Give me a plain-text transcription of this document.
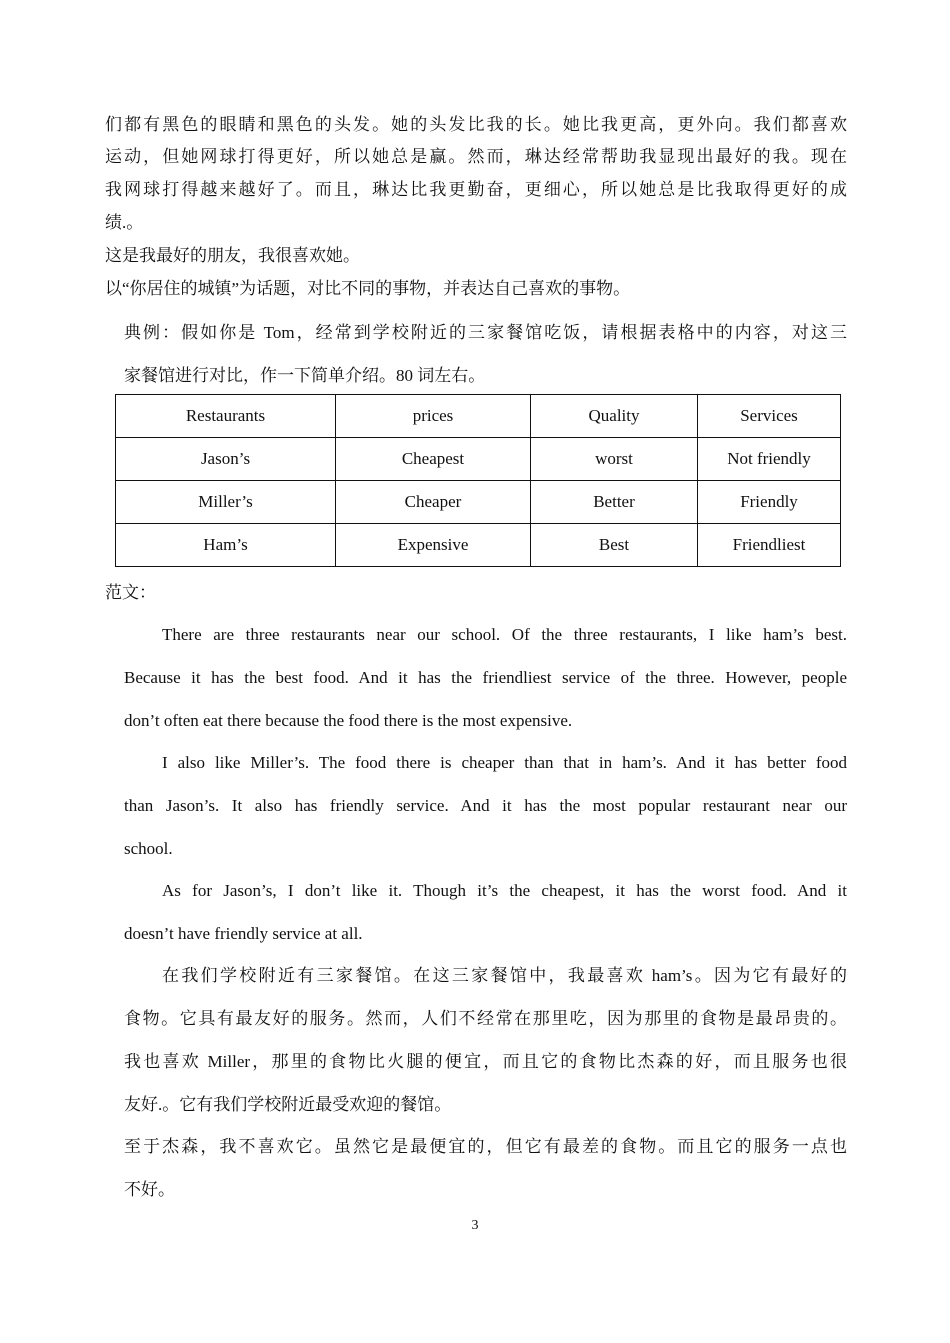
们都有黑色的眼睛和黑色的头发。她的头发比我的长。她比我更高，更外向。我们都喜欢
运动，但她网球打得更好，所以她总是赢。然而，琳达经常帮助我显现出最好的我。现在
我网球打得越来越好了。而且，琳达比我更勤奋，更细心，所以她总是比我取得更好的成
绩.。
这是我最好的朋友，我很喜欢她。
以“你居住的城镇”为话题，对比不同的事物，并表达自己喜欢的事物。
典例：假如你是 Tom，经常到学校附近的三家餐馆吃饭，请根据表格中的内容，对这三
家餐馆进行对比，作一下简单介绍。80 词左右。
Restaurants	prices	Quality	Services
Jason’s	Cheapest	worst	Not friendly
Miller’s	Cheaper	Better	Friendly
Ham’s	Expensive	Best	Friendliest
范文：
There are three restaurants near our school. Of the three restaurants, I like ham’s best.
Because it has the best food. And it has the friendliest service of the three. However, people
don’t often eat there because the food there is the most expensive.
I also like Miller’s. The food there is cheaper than that in ham’s. And it has better food
than Jason’s. It also has friendly service. And it has the most popular restaurant near our
school.
As for Jason’s, I don’t like it. Though it’s the cheapest, it has the worst food. And it
doesn’t have friendly service at all.
在我们学校附近有三家餐馆。在这三家餐馆中，我最喜欢 ham’s。因为它有最好的
食物。它具有最友好的服务。然而，人们不经常在那里吃，因为那里的食物是最昂贵的。
我也喜欢 Miller，那里的食物比火腿的便宜，而且它的食物比杰森的好，而且服务也很
友好.。它有我们学校附近最受欢迎的餐馆。
至于杰森，我不喜欢它。虽然它是最便宜的，但它有最差的食物。而且它的服务一点也
不好。
3
